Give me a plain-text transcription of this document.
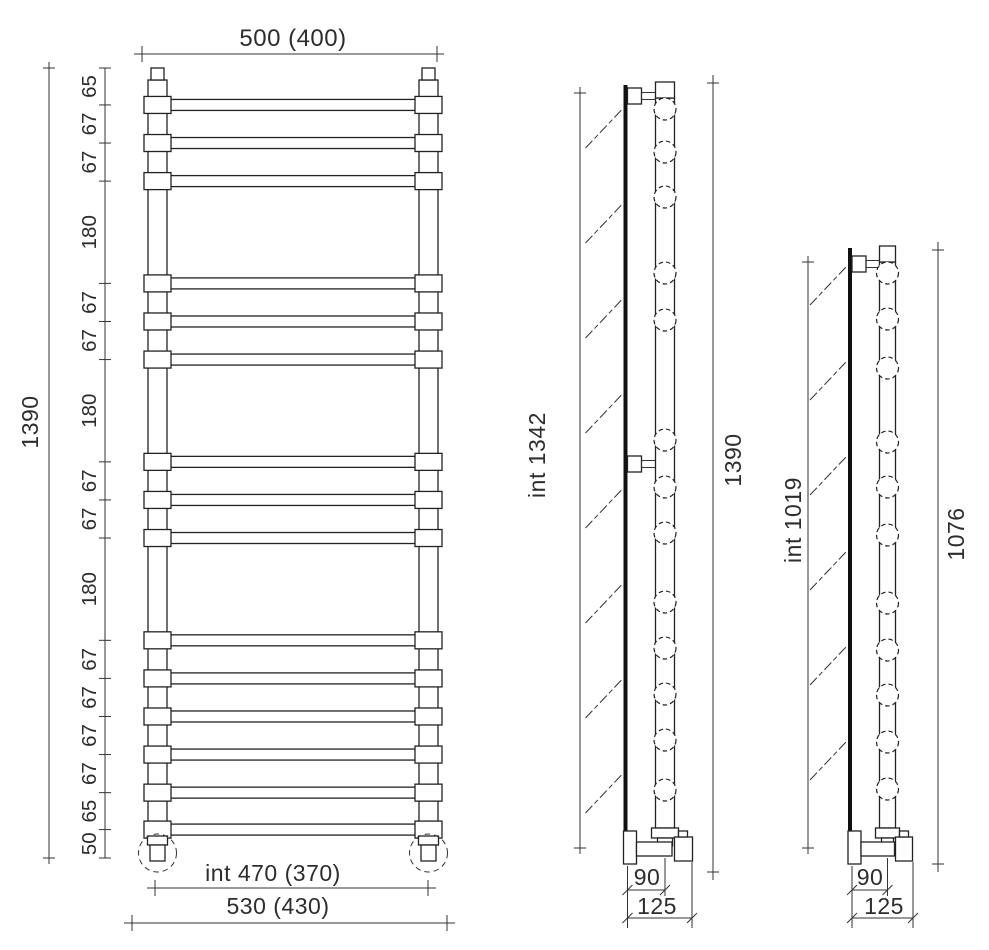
65
67
67
180
67
67
180
67
67
180
67
67
67
67
65
50
500 (400)
1390
int 470 (370)
530 (430)
int 1342	1390
90
125
int 1019	1076
90
125
